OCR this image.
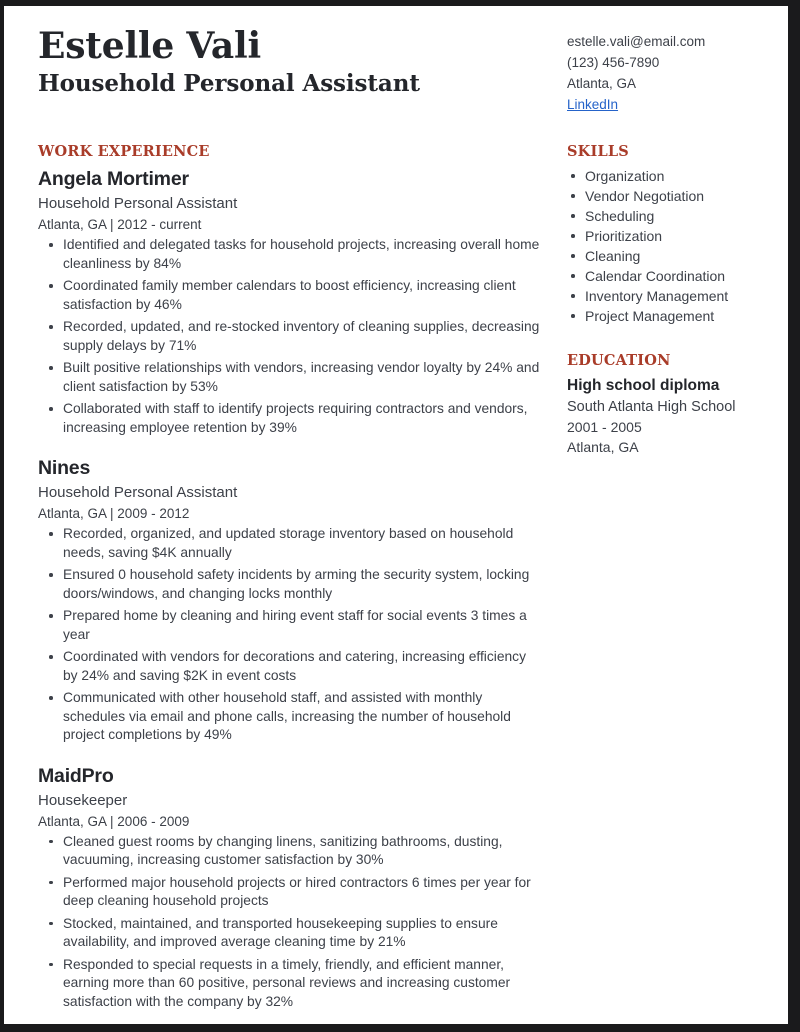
Estelle Vali
Household Personal Assistant
estelle.vali@email.com
(123) 456-7890
Atlanta, GA
LinkedIn
WORK EXPERIENCE
Angela Mortimer
Household Personal Assistant
Atlanta, GA | 2012 - current
Identified and delegated tasks for household projects, increasing overall home cleanliness by 84%
Coordinated family member calendars to boost efficiency, increasing client satisfaction by 46%
Recorded, updated, and re-stocked inventory of cleaning supplies, decreasing supply delays by 71%
Built positive relationships with vendors, increasing vendor loyalty by 24% and client satisfaction by 53%
Collaborated with staff to identify projects requiring contractors and vendors, increasing employee retention by 39%
Nines
Household Personal Assistant
Atlanta, GA | 2009 - 2012
Recorded, organized, and updated storage inventory based on household needs, saving $4K annually
Ensured 0 household safety incidents by arming the security system, locking doors/windows, and changing locks monthly
Prepared home by cleaning and hiring event staff for social events 3 times a year
Coordinated with vendors for decorations and catering, increasing efficiency by 24% and saving $2K in event costs
Communicated with other household staff, and assisted with monthly schedules via email and phone calls, increasing the number of household project completions by 49%
MaidPro
Housekeeper
Atlanta, GA | 2006 - 2009
Cleaned guest rooms by changing linens, sanitizing bathrooms, dusting, vacuuming, increasing customer satisfaction by 30%
Performed major household projects or hired contractors 6 times per year for deep cleaning household projects
Stocked, maintained, and transported housekeeping supplies to ensure availability, and improved average cleaning time by 21%
Responded to special requests in a timely, friendly, and efficient manner, earning more than 60 positive, personal reviews and increasing customer satisfaction with the company by 32%
SKILLS
Organization
Vendor Negotiation
Scheduling
Prioritization
Cleaning
Calendar Coordination
Inventory Management
Project Management
EDUCATION
High school diploma
South Atlanta High School
2001 - 2005
Atlanta, GA
